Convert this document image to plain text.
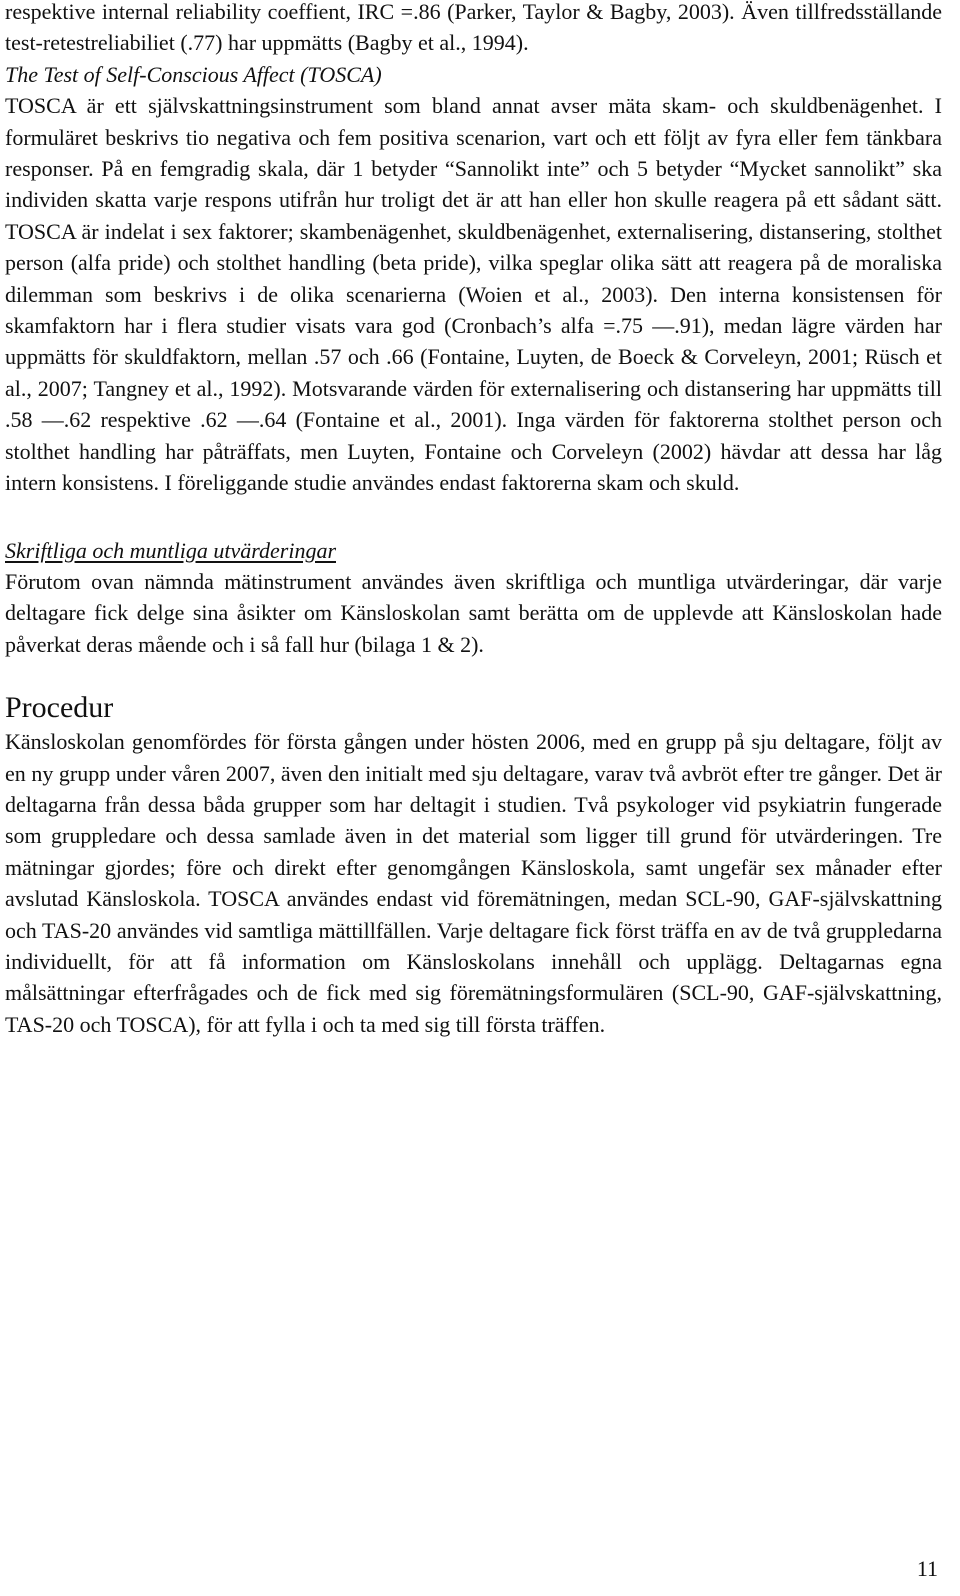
respektive internal reliability coeffient, IRC =.86 (Parker, Taylor & Bagby, 2003). Även tillfredsställande test-retestreliabiliet (.77) har uppmätts (Bagby et al., 1994).

The Test of Self-Conscious Affect (TOSCA)

TOSCA är ett självskattningsinstrument som bland annat avser mäta skam- och skuldbenägenhet. I formuläret beskrivs tio negativa och fem positiva scenarion, vart och ett följt av fyra eller fem tänkbara responser. På en femgradig skala, där 1 betyder “Sannolikt inte” och 5 betyder “Mycket sannolikt” ska individen skatta varje respons utifrån hur troligt det är att han eller hon skulle reagera på ett sådant sätt. TOSCA är indelat i sex faktorer; skambenägenhet, skuldbenägenhet, externalisering, distansering, stolthet person (alfa pride) och stolthet handling (beta pride), vilka speglar olika sätt att reagera på de moraliska dilemman som beskrivs i de olika scenarierna (Woien et al., 2003). Den interna konsistensen för skamfaktorn har i flera studier visats vara god (Cronbach’s alfa =.75 —.91), medan lägre värden har uppmätts för skuldfaktorn, mellan .57 och .66 (Fontaine, Luyten, de Boeck & Corveleyn, 2001; Rüsch et al., 2007; Tangney et al., 1992). Motsvarande värden för externalisering och distansering har uppmätts till .58 —.62 respektive .62 —.64 (Fontaine et al., 2001). Inga värden för faktorerna stolthet person och stolthet handling har påträffats, men Luyten, Fontaine och Corveleyn (2002) hävdar att dessa har låg intern konsistens. I föreliggande studie användes endast faktorerna skam och skuld.

Skriftliga och muntliga utvärderingar

Förutom ovan nämnda mätinstrument användes även skriftliga och muntliga utvärderingar, där varje deltagare fick delge sina åsikter om Känsloskolan samt berätta om de upplevde att Känsloskolan hade påverkat deras mående och i så fall hur (bilaga 1 & 2).

Procedur

Känsloskolan genomfördes för första gången under hösten 2006, med en grupp på sju deltagare, följt av en ny grupp under våren 2007, även den initialt med sju deltagare, varav två avbröt efter tre gånger. Det är deltagarna från dessa båda grupper som har deltagit i studien. Två psykologer vid psykiatrin fungerade som gruppledare och dessa samlade även in det material som ligger till grund för utvärderingen. Tre mätningar gjordes; före och direkt efter genomgången Känsloskola, samt ungefär sex månader efter avslutad Känsloskola. TOSCA användes endast vid föremätningen, medan SCL-90, GAF-självskattning och TAS-20 användes vid samtliga mättillfällen. Varje deltagare fick först träffa en av de två gruppledarna individuellt, för att få information om Känsloskolans innehåll och upplägg. Deltagarnas egna målsättningar efterfrågades och de fick med sig föremätningsformulären (SCL-90, GAF-självskattning, TAS-20 och TOSCA), för att fylla i och ta med sig till första träffen.

11
